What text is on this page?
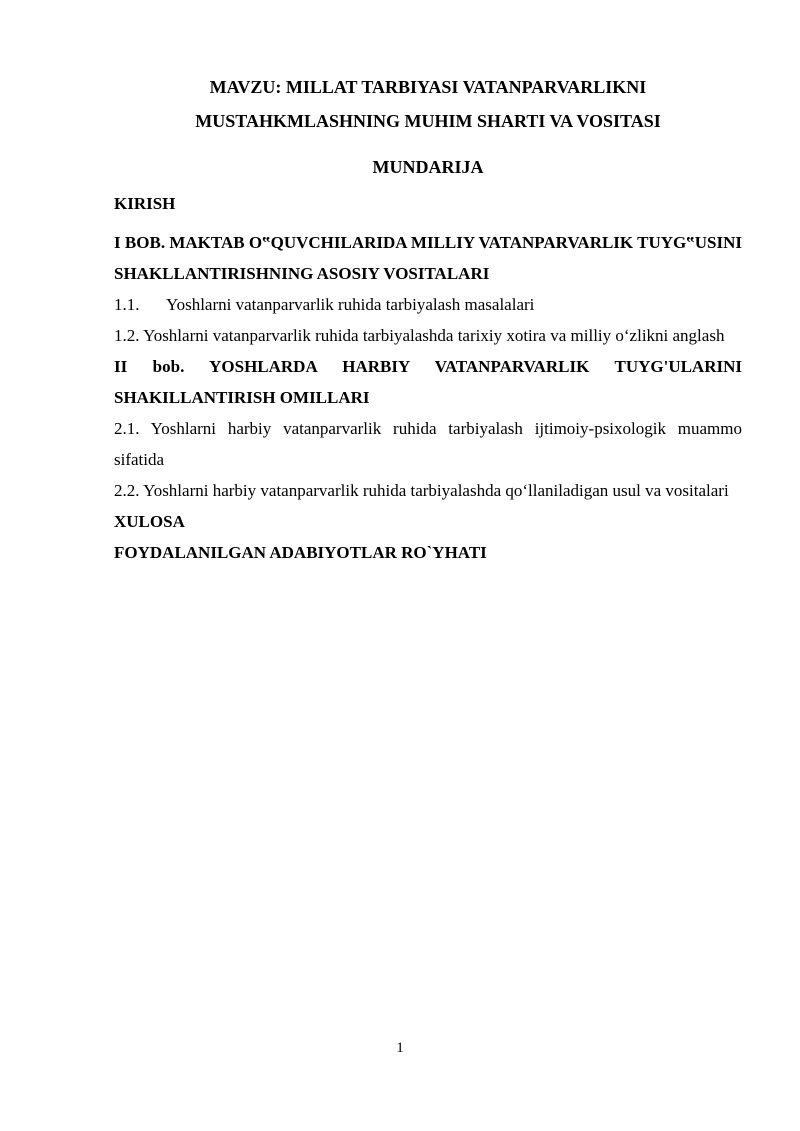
MAVZU: MILLAT TARBIYASI VATANPARVARLIKNI

MUSTAHKMLASHNING MUHIM SHARTI VA VOSITASI

MUNDARIJA

KIRISH

I BOB. MAKTAB O‟QUVCHILARIDA MILLIY VATANPARVARLIK TUYG‟USINI SHAKLLANTIRISHNING ASOSIY VOSITALARI

1.1. Yoshlarni vatanparvarlik ruhida tarbiyalash masalalari

1.2. Yoshlarni vatanparvarlik ruhida tarbiyalashda tarixiy xotira va milliy o‘zlikni anglash

II bob. YOSHLARDA HARBIY VATANPARVARLIK TUYG'ULARINI SHAKILLANTIRISH OMILLARI

2.1. Yoshlarni harbiy vatanparvarlik ruhida tarbiyalash ijtimoiy-psixologik muammo sifatida

2.2. Yoshlarni harbiy vatanparvarlik ruhida tarbiyalashda qo‘llaniladigan usul va vositalari

XULOSA

FOYDALANILGAN ADABIYOTLAR RO`YHATI

1
